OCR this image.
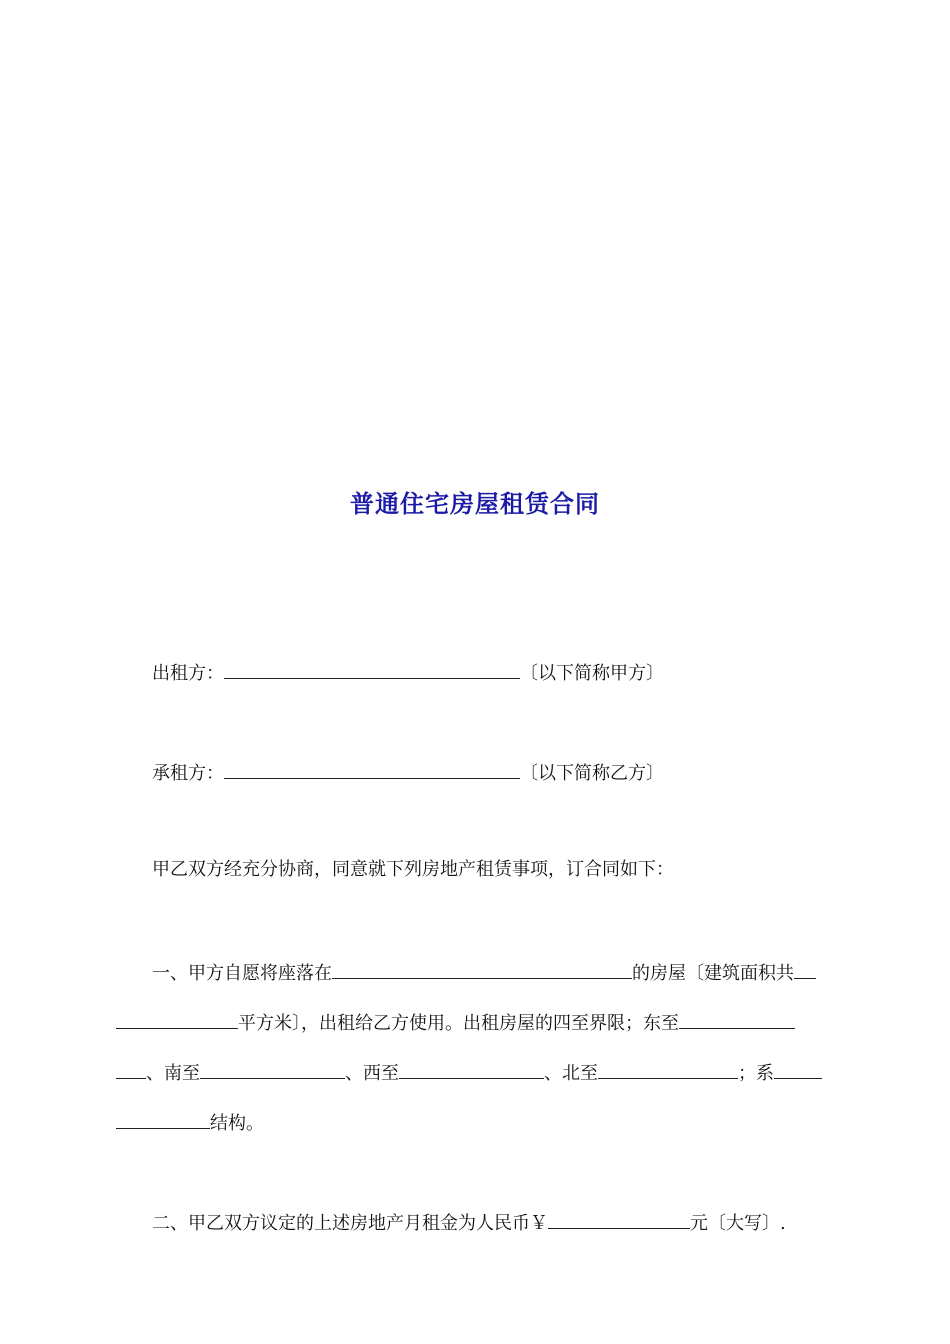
普通住宅房屋租赁合同
出租方：	〔以下简称甲方〕
承租方：	〔以下简称乙方〕
甲乙双方经充分协商，同意就下列房地产租赁事项，订合同如下：
一、甲方自愿将座落在	的房屋〔建筑面积共
平方米〕，出租给乙方使用。出租房屋的四至界限；东至
、南至	、西至	、北至	；系
结构。
二、甲乙双方议定的上述房地产月租金为人民币￥	元〔大写〕.
